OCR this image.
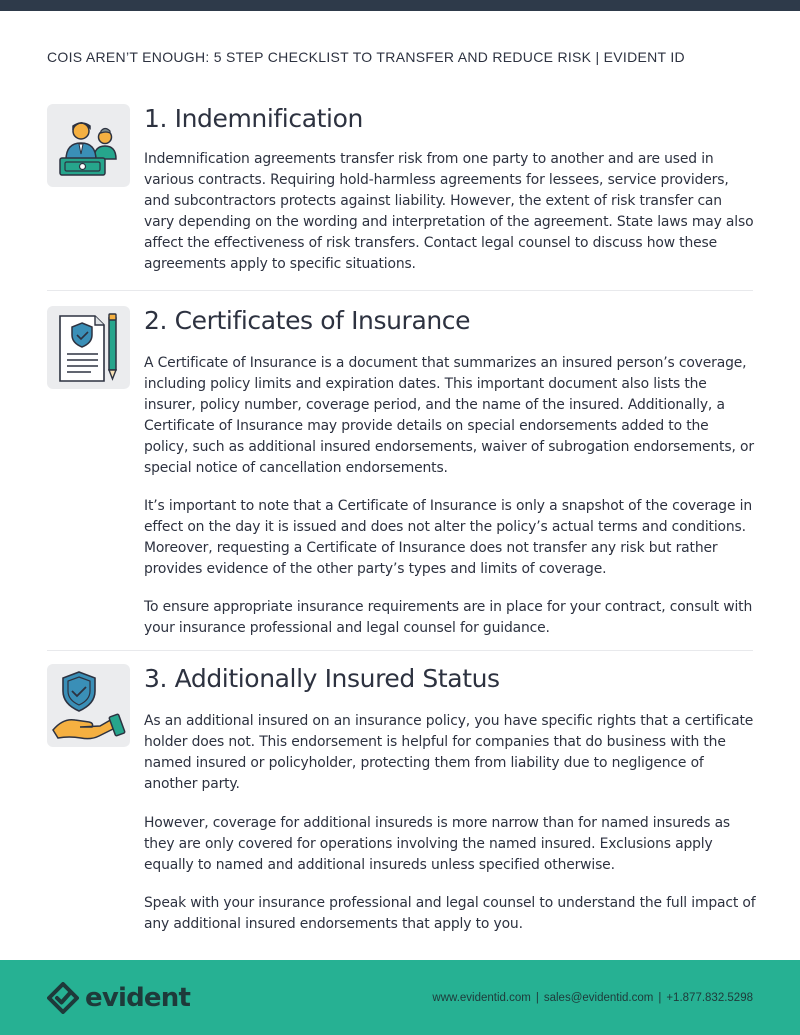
COIS AREN’T ENOUGH: 5 STEP CHECKLIST TO TRANSFER AND REDUCE RISK | EVIDENT ID
1. Indemnification

Indemnification agreements transfer risk from one party to another and are used in various contracts. Requiring hold-harmless agreements for lessees, service providers, and subcontractors protects against liability. However, the extent of risk transfer can vary depending on the wording and interpretation of the agreement. State laws may also affect the effectiveness of risk transfers. Contact legal counsel to discuss how these agreements apply to specific situations.

2. Certificates of Insurance

A Certificate of Insurance is a document that summarizes an insured person’s coverage, including policy limits and expiration dates. This important document also lists the insurer, policy number, coverage period, and the name of the insured. Additionally, a Certificate of Insurance may provide details on special endorsements added to the policy, such as additional insured endorsements, waiver of subrogation endorsements, or special notice of cancellation endorsements.

It’s important to note that a Certificate of Insurance is only a snapshot of the coverage in effect on the day it is issued and does not alter the policy’s actual terms and conditions. Moreover, requesting a Certificate of Insurance does not transfer any risk but rather provides evidence of the other party’s types and limits of coverage.

To ensure appropriate insurance requirements are in place for your contract, consult with your insurance professional and legal counsel for guidance.

3. Additionally Insured Status

As an additional insured on an insurance policy, you have specific rights that a certificate holder does not. This endorsement is helpful for companies that do business with the named insured or policyholder, protecting them from liability due to negligence of another party.

However, coverage for additional insureds is more narrow than for named insureds as they are only covered for operations involving the named insured. Exclusions apply equally to named and additional insureds unless specified otherwise.

Speak with your insurance professional and legal counsel to understand the full impact of any additional insured endorsements that apply to you.

evident	www.evidentid.com | sales@evidentid.com | +1.877.832.5298
